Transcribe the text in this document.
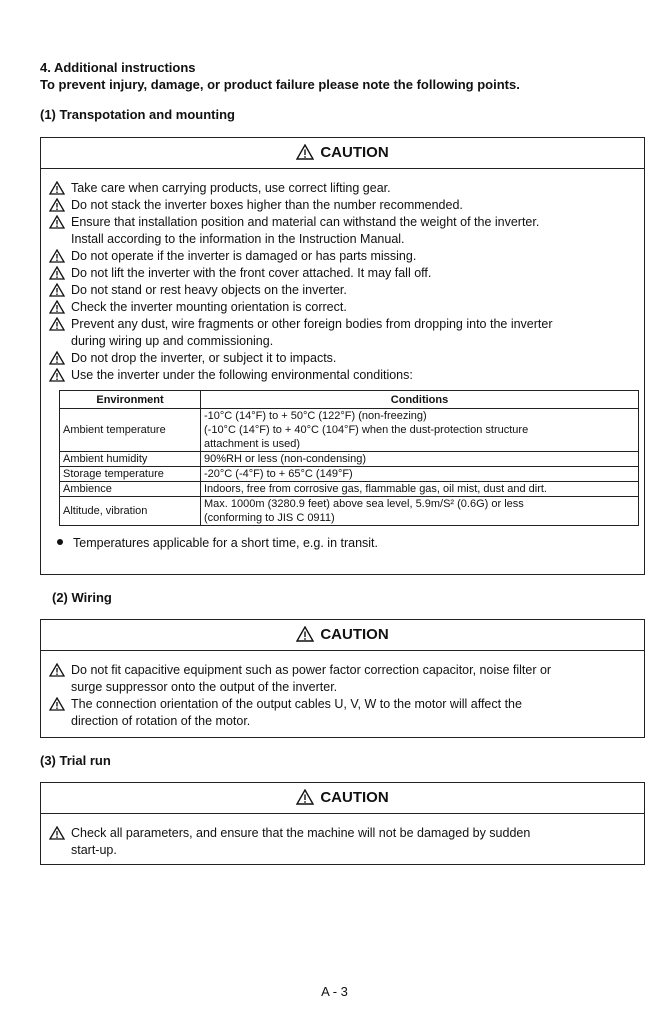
4. Additional instructions
To prevent injury, damage, or product failure please note the following points.
(1) Transpotation and mounting
CAUTION
Take care when carrying products, use correct lifting gear.
Do not stack the inverter boxes higher than the number recommended.
Ensure that installation position and material can withstand the weight of the inverter.
Install according to the information in the Instruction Manual.
Do not operate if the inverter is damaged or has parts missing.
Do not lift the inverter with the front cover attached. It may fall off.
Do not stand or rest heavy objects on the inverter.
Check the inverter mounting orientation is correct.
Prevent any dust, wire fragments or other foreign bodies from dropping into the inverter
during wiring up and commissioning.
Do not drop the inverter, or subject it to impacts.
Use the inverter under the following environmental conditions:
Environment	Conditions
Ambient temperature	-10°C (14°F) to + 50°C (122°F) (non-freezing)
(-10°C (14°F) to + 40°C (104°F) when the dust-protection structure
attachment is used)

Ambient humidity	90%RH or less (non-condensing)
Storage temperature	-20°C (-4°F) to + 65°C (149°F)
Ambience	Indoors, free from corrosive gas, flammable gas, oil mist, dust and dirt.
Altitude, vibration	Max. 1000m (3280.9 feet) above sea level, 5.9m/S² (0.6G) or less
(conforming to JIS C 0911)
Temperatures applicable for a short time, e.g. in transit.
(2) Wiring
CAUTION
Do not fit capacitive equipment such as power factor correction capacitor, noise filter or
surge suppressor onto the output of the inverter.
The connection orientation of the output cables U, V, W to the motor will affect the
direction of rotation of the motor.
(3) Trial run
CAUTION
Check all parameters, and ensure that the machine will not be damaged by sudden
start-up.
A - 3
